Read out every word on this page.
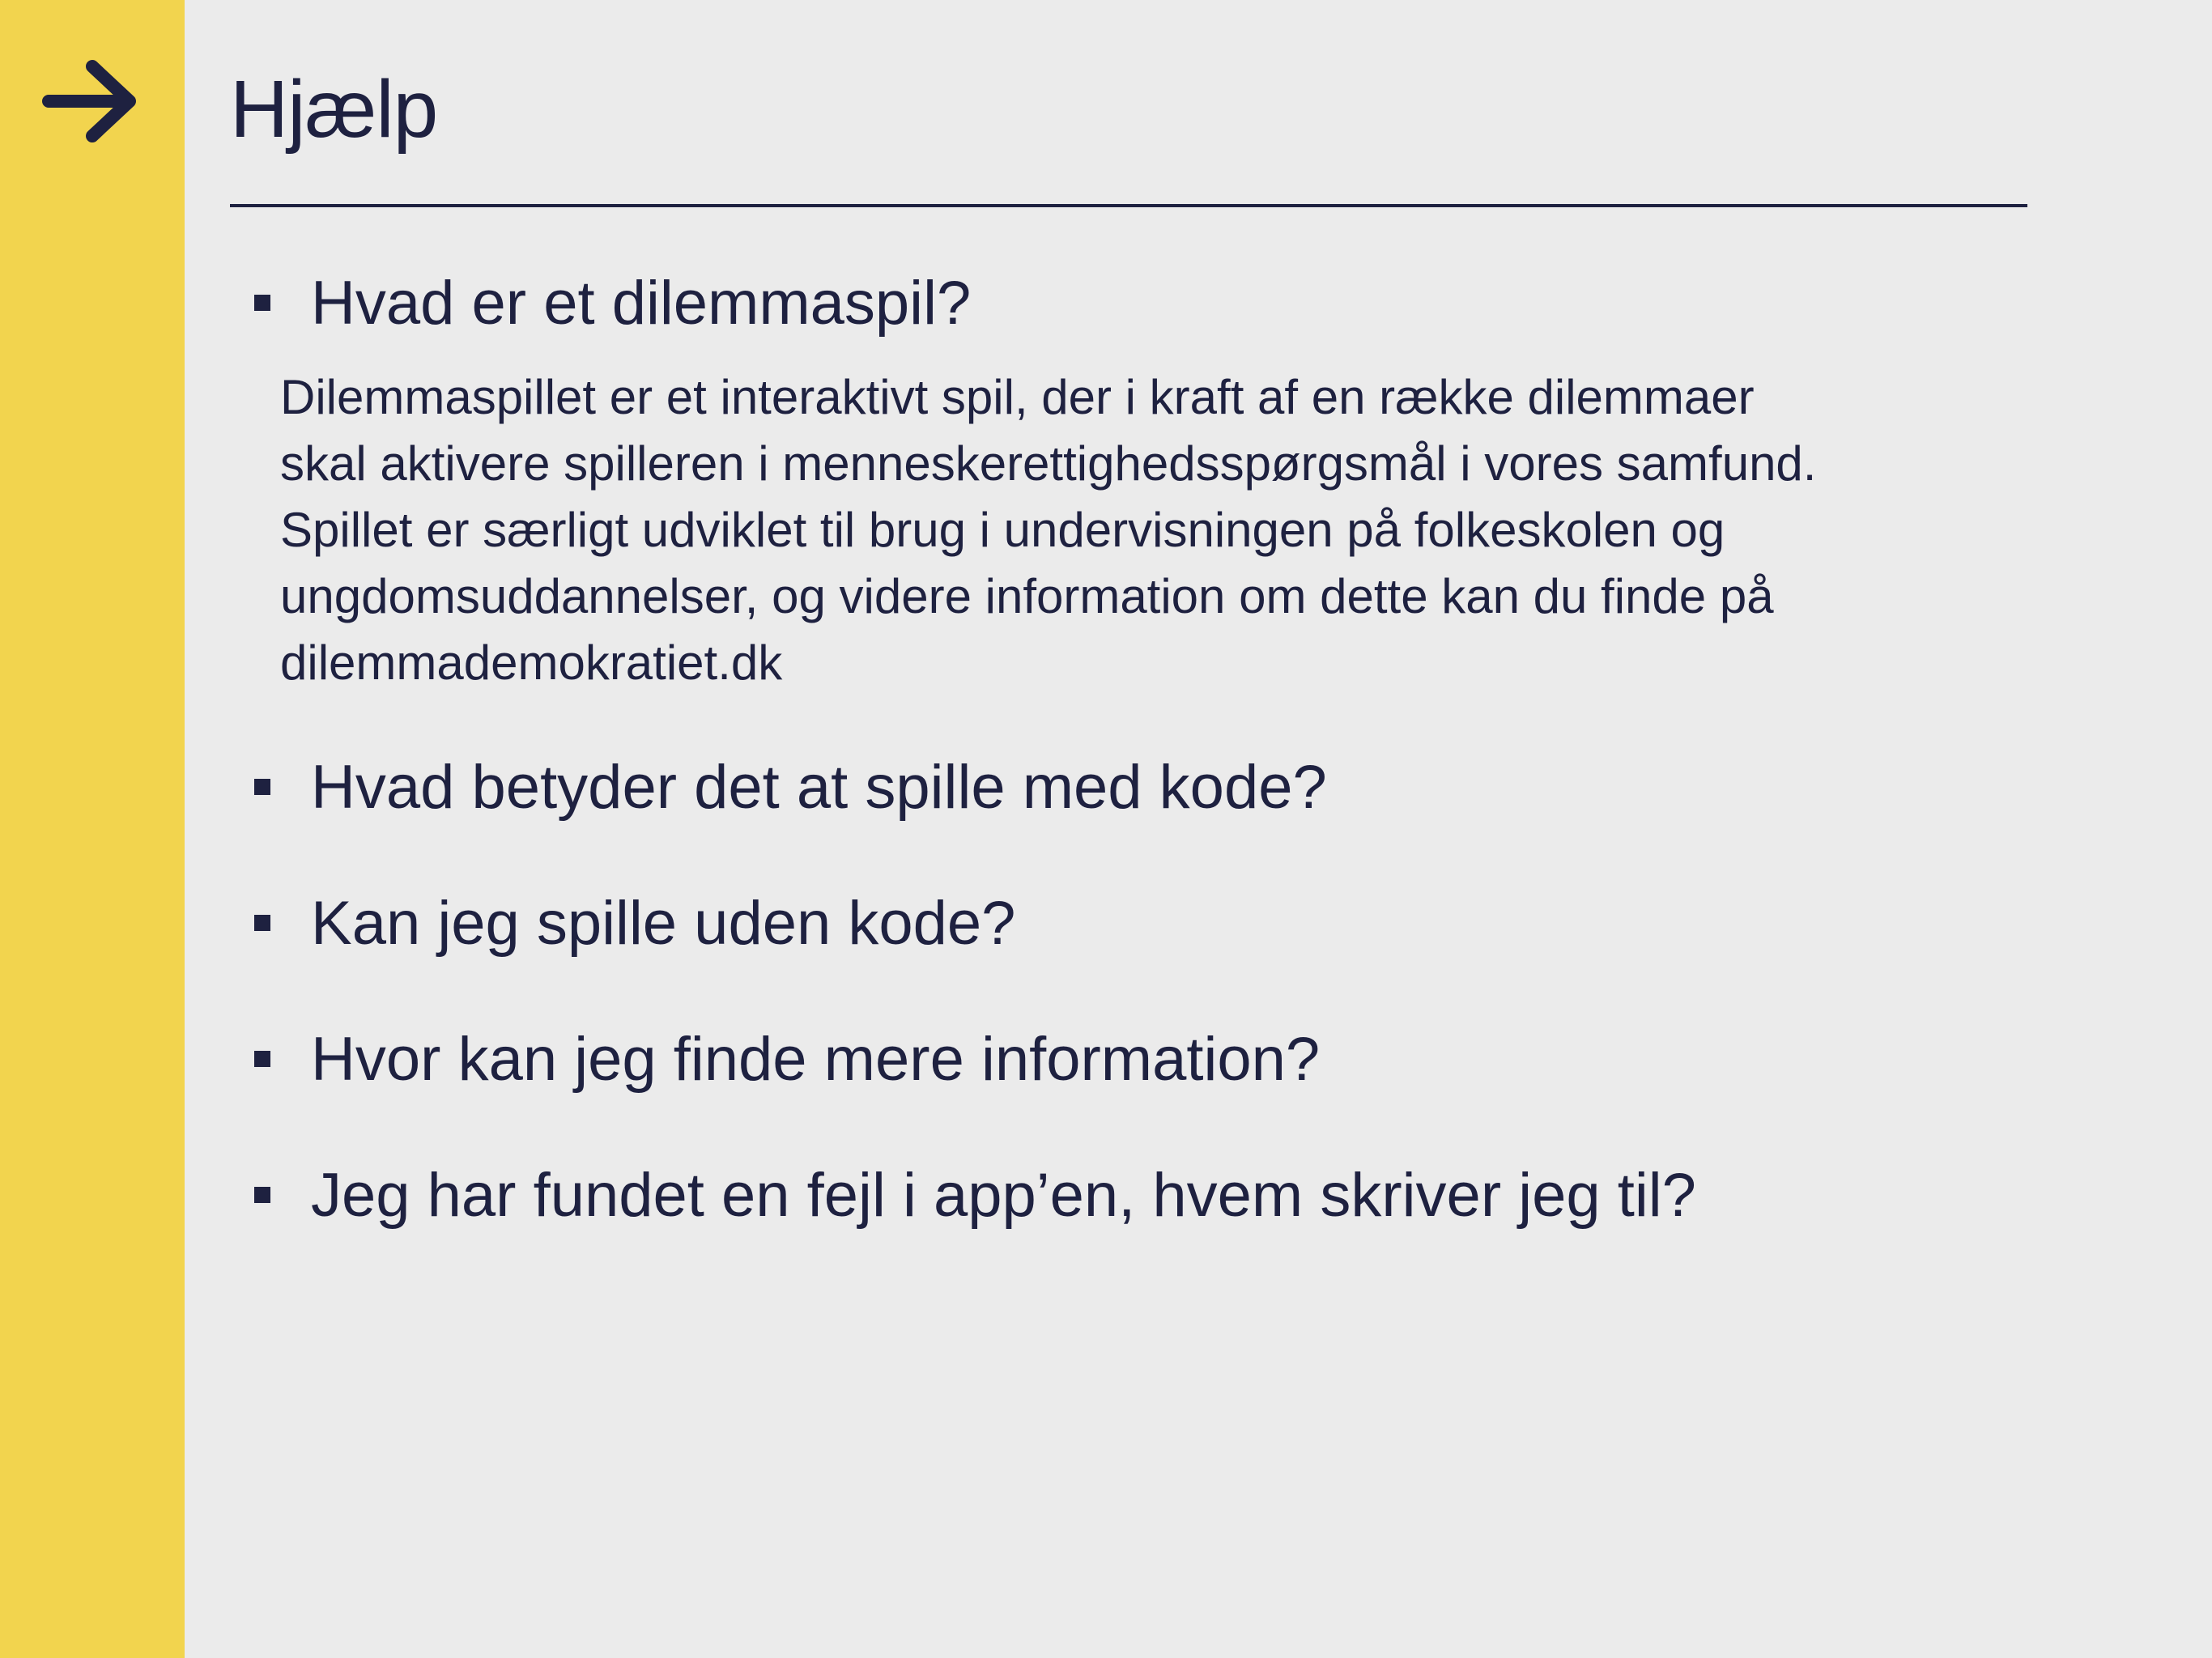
Hjælp
Hvad er et dilemmaspil?
Dilemmaspillet er et interaktivt spil, der i kraft af en række dilemmaer
skal aktivere spilleren i menneskerettighedsspørgsmål i vores samfund.
Spillet er særligt udviklet til brug i undervisningen på folkeskolen og
ungdomsuddannelser, og videre information om dette kan du finde på
dilemmademokratiet.dk
Hvad betyder det at spille med kode?
Kan jeg spille uden kode?
Hvor kan jeg finde mere information?
Jeg har fundet en fejl i app’en, hvem skriver jeg til?
